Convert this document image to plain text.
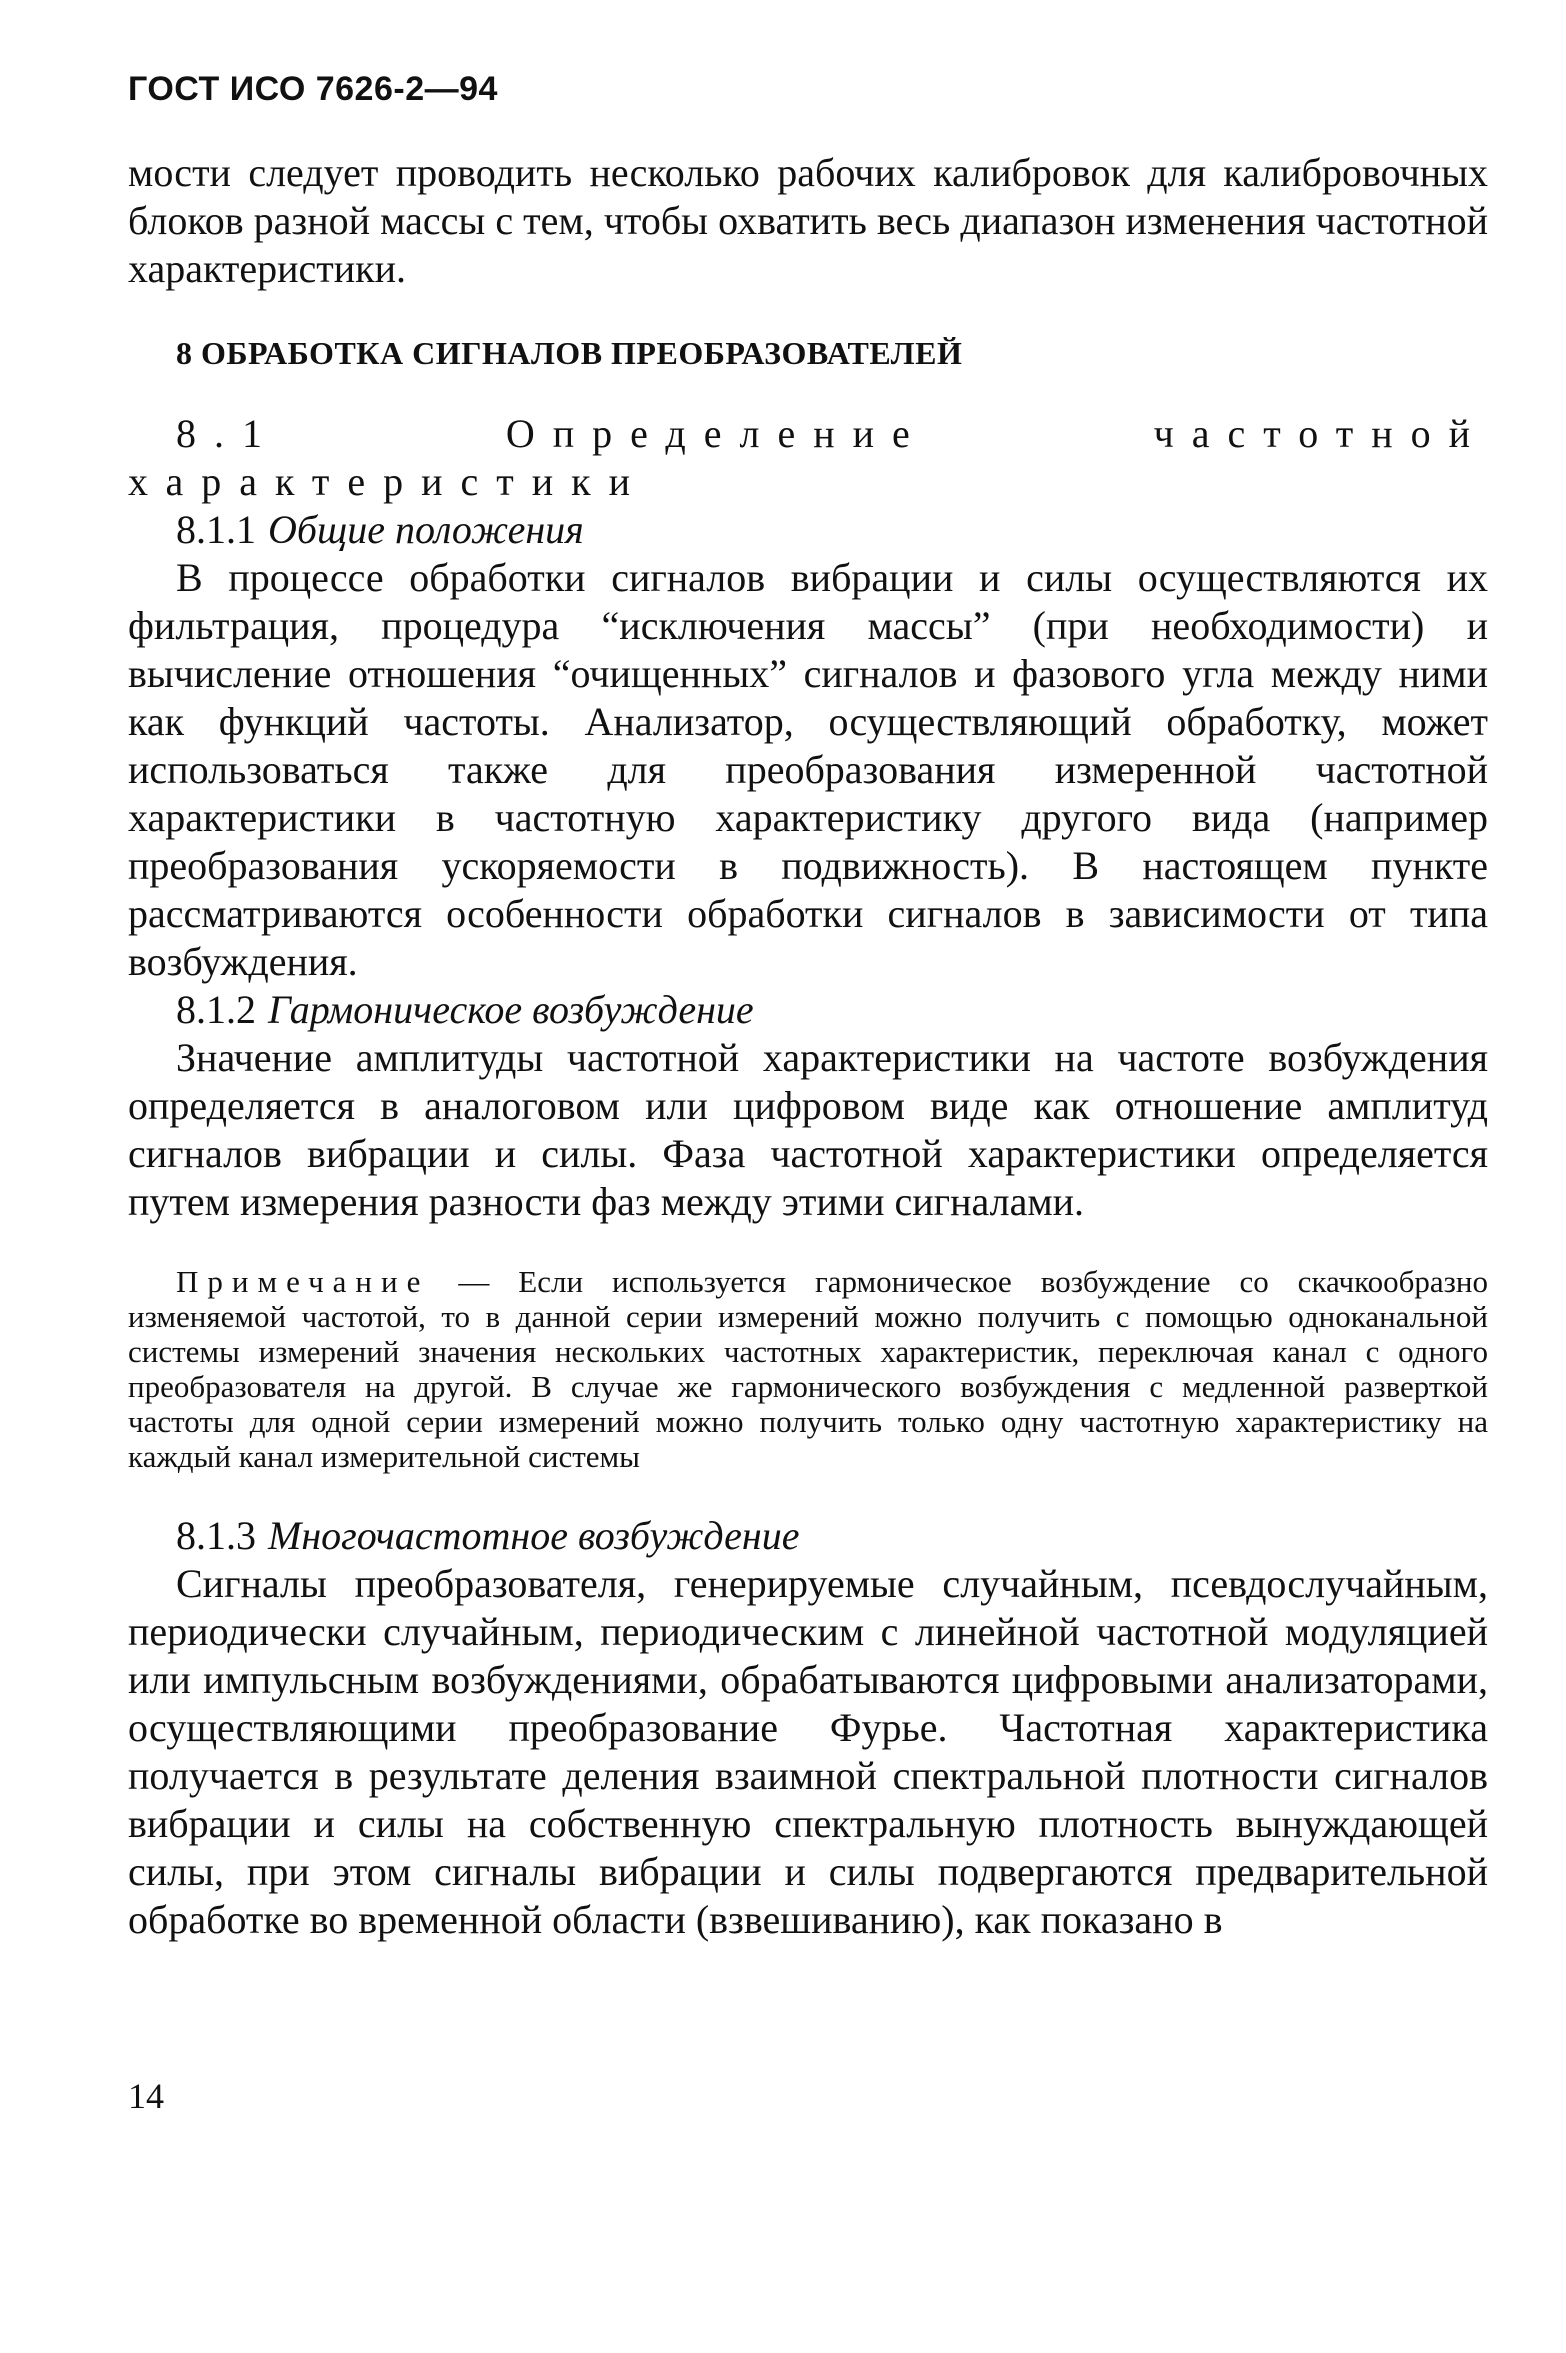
ГОСТ ИСО 7626-2—94

мости следует проводить несколько рабочих калибровок для калибровочных блоков разной массы с тем, чтобы охватить весь диапазон изменения частотной характеристики.

8 ОБРАБОТКА СИГНАЛОВ ПРЕОБРАЗОВАТЕЛЕЙ

8.1 Определение частотной характеристики

8.1.1 Общие положения

В процессе обработки сигналов вибрации и силы осуществляются их фильтрация, процедура “исключения массы” (при необходимости) и вычисление отношения “очищенных” сигналов и фазового угла между ними как функций частоты. Анализатор, осуществляющий обработку, может использоваться также для преобразования измеренной частотной характеристики в частотную характеристику другого вида (например преобразования ускоряемости в подвижность). В настоящем пункте рассматриваются особенности обработки сигналов в зависимости от типа возбуждения.

8.1.2 Гармоническое возбуждение

Значение амплитуды частотной характеристики на частоте возбуждения определяется в аналоговом или цифровом виде как отношение амплитуд сигналов вибрации и силы. Фаза частотной характеристики определяется путем измерения разности фаз между этими сигналами.

Примечание — Если используется гармоническое возбуждение со скачкообразно изменяемой частотой, то в данной серии измерений можно получить с помощью одноканальной системы измерений значения нескольких частотных характеристик, переключая канал с одного преобразователя на другой. В случае же гармонического возбуждения с медленной разверткой частоты для одной серии измерений можно получить только одну частотную характеристику на каждый канал измерительной системы

8.1.3 Многочастотное возбуждение

Сигналы преобразователя, генерируемые случайным, псевдослучайным, периодически случайным, периодическим с линейной частотной модуляцией или импульсным возбуждениями, обрабатываются цифровыми анализаторами, осуществляющими преобразование Фурье. Частотная характеристика получается в результате деления взаимной спектральной плотности сигналов вибрации и силы на собственную спектральную плотность вынуждающей силы, при этом сигналы вибрации и силы подвергаются предварительной обработке во временной области (взвешиванию), как показано в

14
